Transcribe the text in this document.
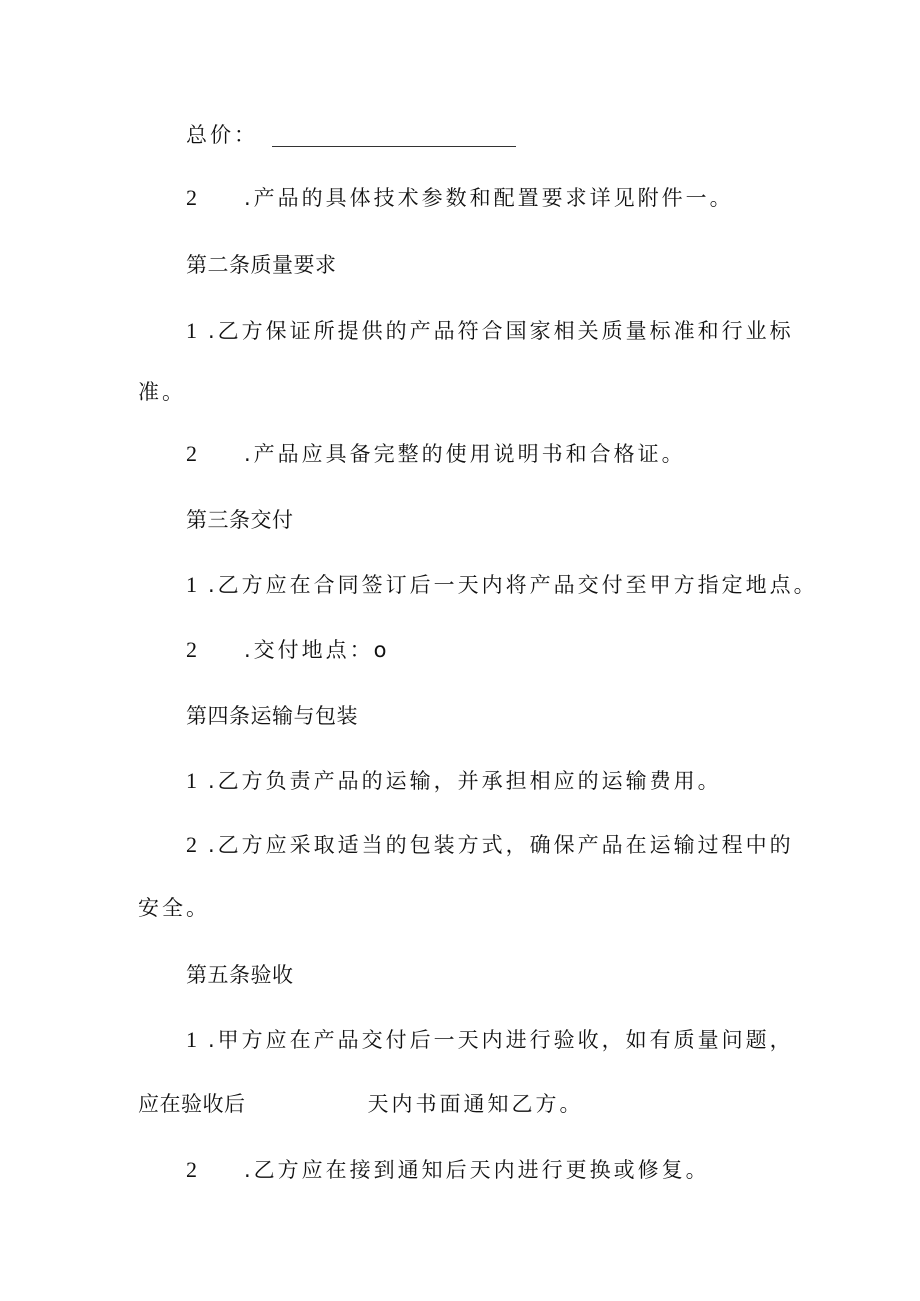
总价：
2 .产品的具体技术参数和配置要求详见附件一。
第二条质量要求
1 .乙方保证所提供的产品符合国家相关质量标准和行业标
准。
2 .产品应具备完整的使用说明书和合格证。
第三条交付
1 .乙方应在合同签订后一天内将产品交付至甲方指定地点。
2 .交付地点：o
第四条运输与包装
1 .乙方负责产品的运输，并承担相应的运输费用。
2 .乙方应采取适当的包装方式，确保产品在运输过程中的
安全。
第五条验收
1 .甲方应在产品交付后一天内进行验收，如有质量问题，
应在验收后	天内书面通知乙方。
2 .乙方应在接到通知后天内进行更换或修复。
